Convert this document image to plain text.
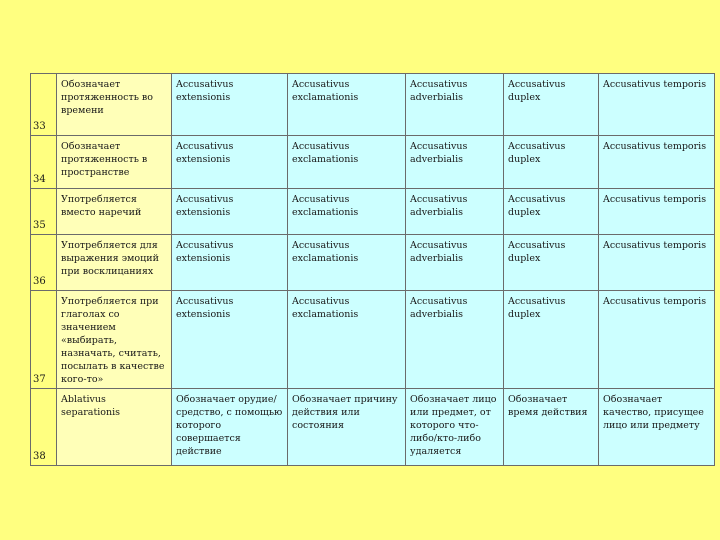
33	Обозначает протяженность во времени	Accusativus extensionis	Accusativus exclamationis	Accusativus adverbialis	Accusativus duplex	Accusativus temporis
34	Обозначает протяженность в пространстве	Accusativus extensionis	Accusativus exclamationis	Accusativus adverbialis	Accusativus duplex	Accusativus temporis
35	Употребляется вместо наречий	Accusativus extensionis	Accusativus exclamationis	Accusativus adverbialis	Accusativus duplex	Accusativus temporis
36	Употребляется для выражения эмоций при восклицаниях	Accusativus extensionis	Accusativus exclamationis	Accusativus adverbialis	Accusativus duplex	Accusativus temporis
37	Употребляется при глаголах со значением «выбирать, назначать, считать, посылать в качестве кого-то»	Accusativus extensionis	Accusativus exclamationis	Accusativus adverbialis	Accusativus duplex	Accusativus temporis
38	Ablativus separationis	Обозначает орудие/средство, с помощью которого совершается действие	Обозначает причину действия или состояния	Обозначает лицо или предмет, от которого что-либо/кто-либо удаляется	Обозначает время действия	Обозначает качество, присущее лицо или предмету
